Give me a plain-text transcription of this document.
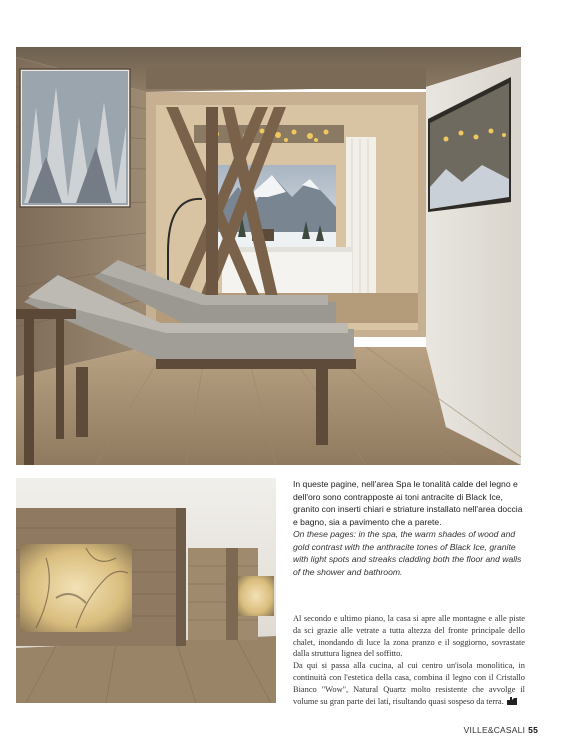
In queste pagine, nell'area Spa le tonalità calde del legno e dell'oro sono contrapposte ai toni antracite di Black Ice, granito con inserti chiari e striature installato nell'area doccia e bagno, sia a pavimento che a parete.

On these pages: in the spa, the warm shades of wood and gold contrast with the anthracite tones of Black Ice, granite with light spots and streaks cladding both the floor and walls of the shower and bathroom.

Al secondo e ultimo piano, la casa si apre alle montagne e alle piste da sci grazie alle vetrate a tutta altezza del fronte principale dello chalet, inondando di luce la zona pranzo e il soggiorno, sovrastate dalla struttura lignea del soffitto.

Da qui si passa alla cucina, al cui centro un'isola monolitica, in continuità con l'estetica della casa, combina il legno con il Cristallo Bianco "Wow", Natural Quartz molto resistente che avvolge il volume su gran parte dei lati, risultando quasi sospeso da terra.

VILLE&CASALI 55
